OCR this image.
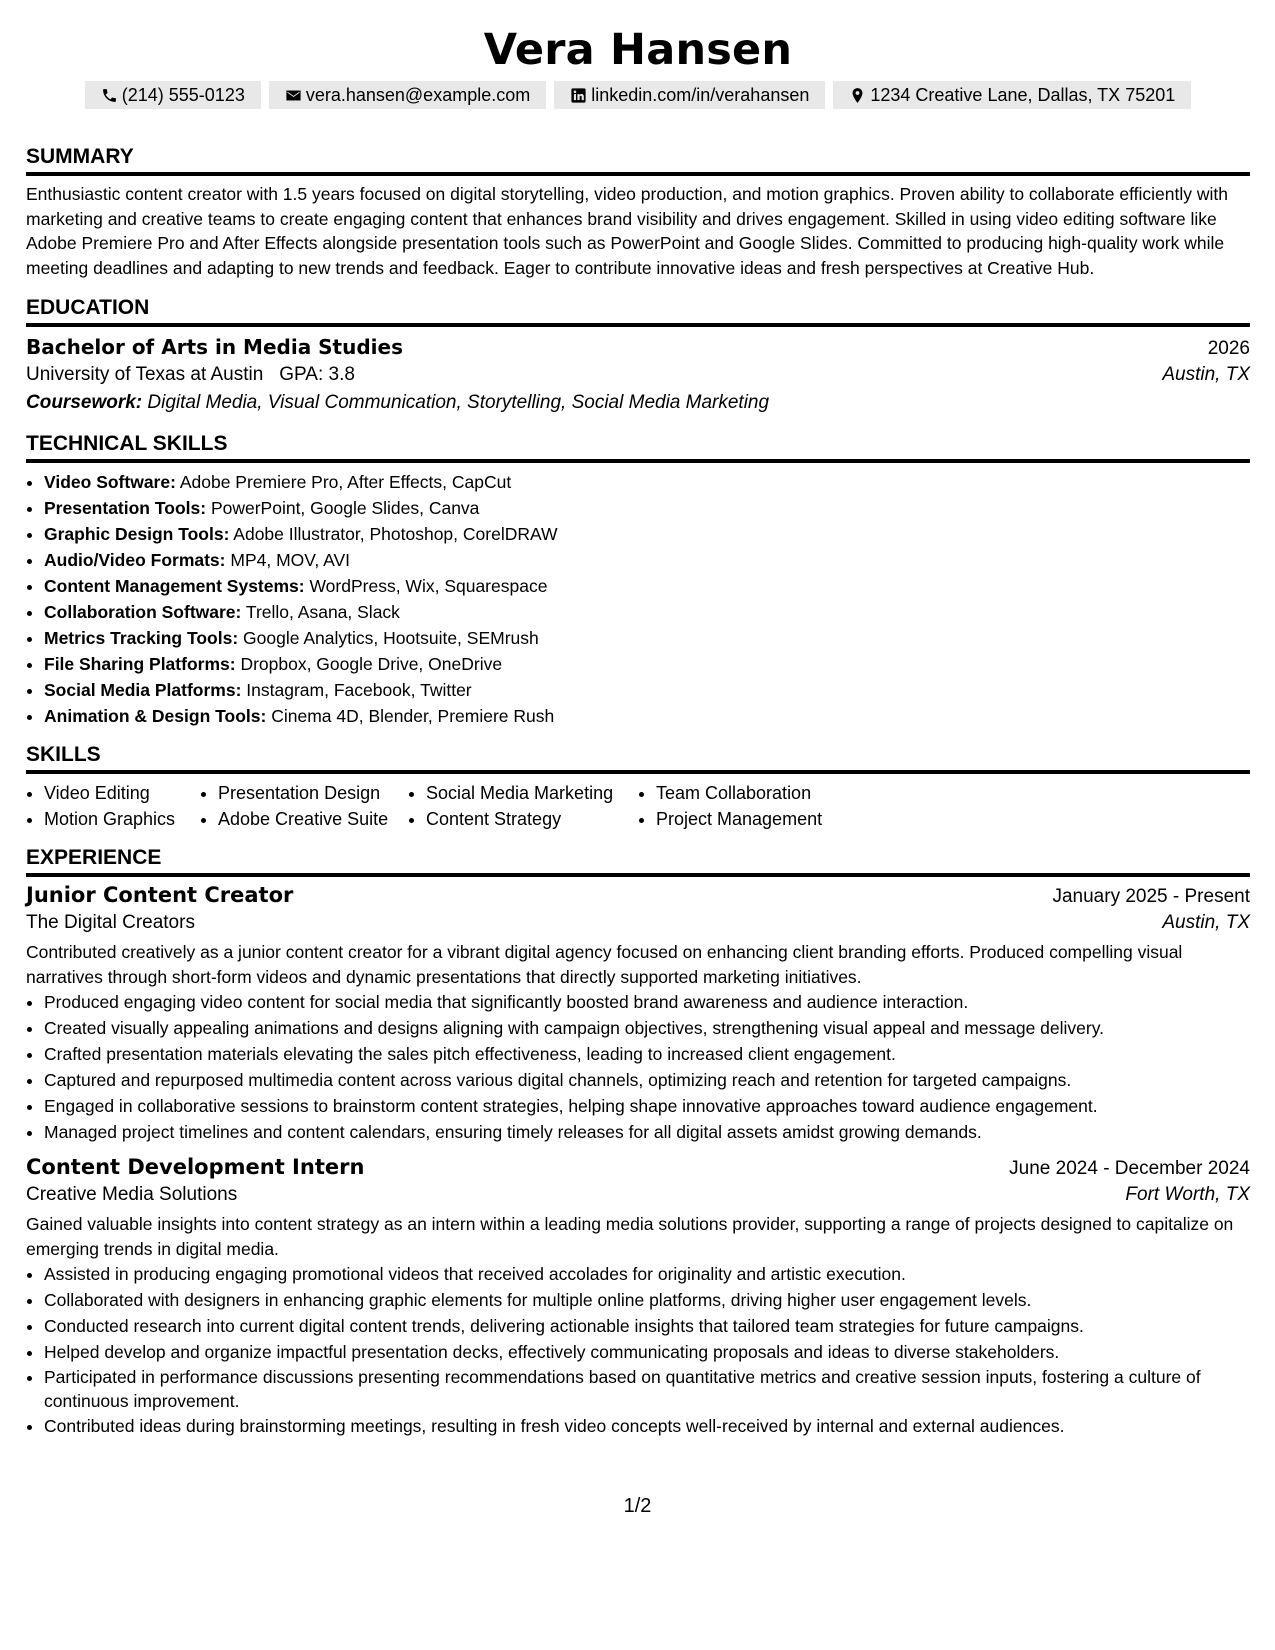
Vera Hansen
(214) 555-0123	vera.hansen@example.com	linkedin.com/in/verahansen	1234 Creative Lane, Dallas, TX 75201
SUMMARY

Enthusiastic content creator with 1.5 years focused on digital storytelling, video production, and motion graphics. Proven ability to collaborate efficiently with marketing and creative teams to create engaging content that enhances brand visibility and drives engagement. Skilled in using video editing software like Adobe Premiere Pro and After Effects alongside presentation tools such as PowerPoint and Google Slides. Committed to producing high-quality work while meeting deadlines and adapting to new trends and feedback. Eager to contribute innovative ideas and fresh perspectives at Creative Hub.

EDUCATION
Bachelor of Arts in Media Studies	2026
University of Texas at Austin GPA: 3.8	Austin, TX
Coursework: Digital Media, Visual Communication, Storytelling, Social Media Marketing
TECHNICAL SKILLS
• Video Software: Adobe Premiere Pro, After Effects, CapCut
• Presentation Tools: PowerPoint, Google Slides, Canva
• Graphic Design Tools: Adobe Illustrator, Photoshop, CorelDRAW
• Audio/Video Formats: MP4, MOV, AVI
• Content Management Systems: WordPress, Wix, Squarespace
• Collaboration Software: Trello, Asana, Slack
• Metrics Tracking Tools: Google Analytics, Hootsuite, SEMrush
• File Sharing Platforms: Dropbox, Google Drive, OneDrive
• Social Media Platforms: Instagram, Facebook, Twitter
• Animation & Design Tools: Cinema 4D, Blender, Premiere Rush
SKILLS
• Video Editing
• Motion Graphics
• Presentation Design
• Adobe Creative Suite
• Social Media Marketing
• Content Strategy
• Team Collaboration
• Project Management
EXPERIENCE
Junior Content Creator	January 2025 - Present
The Digital Creators	Austin, TX

Contributed creatively as a junior content creator for a vibrant digital agency focused on enhancing client branding efforts. Produced compelling visual narratives through short-form videos and dynamic presentations that directly supported marketing initiatives.

• Produced engaging video content for social media that significantly boosted brand awareness and audience interaction.
• Created visually appealing animations and designs aligning with campaign objectives, strengthening visual appeal and message delivery.
• Crafted presentation materials elevating the sales pitch effectiveness, leading to increased client engagement.
• Captured and repurposed multimedia content across various digital channels, optimizing reach and retention for targeted campaigns.
• Engaged in collaborative sessions to brainstorm content strategies, helping shape innovative approaches toward audience engagement.
• Managed project timelines and content calendars, ensuring timely releases for all digital assets amidst growing demands.
Content Development Intern	June 2024 - December 2024
Creative Media Solutions	Fort Worth, TX

Gained valuable insights into content strategy as an intern within a leading media solutions provider, supporting a range of projects designed to capitalize on emerging trends in digital media.

• Assisted in producing engaging promotional videos that received accolades for originality and artistic execution.
• Collaborated with designers in enhancing graphic elements for multiple online platforms, driving higher user engagement levels.
• Conducted research into current digital content trends, delivering actionable insights that tailored team strategies for future campaigns.
• Helped develop and organize impactful presentation decks, effectively communicating proposals and ideas to diverse stakeholders.
• Participated in performance discussions presenting recommendations based on quantitative metrics and creative session inputs, fostering a culture of continuous improvement.
• Contributed ideas during brainstorming meetings, resulting in fresh video concepts well-received by internal and external audiences.
1/2
